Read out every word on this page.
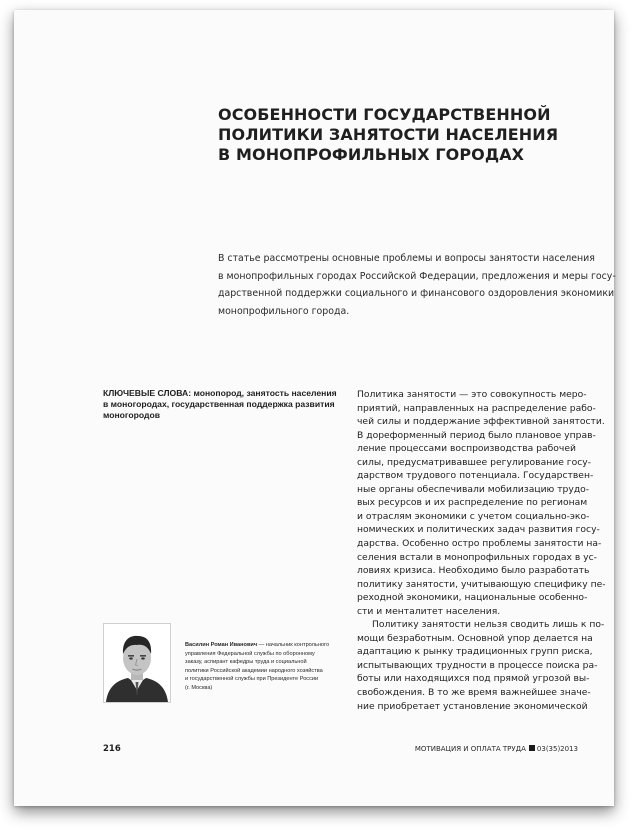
ОСОБЕННОСТИ ГОСУДАРСТВЕННОЙ
ПОЛИТИКИ ЗАНЯТОСТИ НАСЕЛЕНИЯ
В МОНОПРОФИЛЬНЫХ ГОРОДАХ
В статье рассмотрены основные проблемы и вопросы занятости населения
в монопрофильных городах Российской Федерации, предложения и меры госу-
дарственной поддержки социального и финансового оздоровления экономики
монопрофильного города.
КЛЮЧЕВЫЕ СЛОВА: монопород, занятость населения
в моногородах, государственная поддержка развития
моногородов
Политика занятости — это совокупность меро-
приятий, направленных на распределение рабо-
чей силы и поддержание эффективной занятости.
В дореформенный период было плановое управ-
ление процессами воспроизводства рабочей
силы, предусматривавшее регулирование госу-
дарством трудового потенциала. Государствен-
ные органы обеспечивали мобилизацию трудо-
вых ресурсов и их распределение по регионам
и отраслям экономики с учетом социально-эко-
номических и политических задач развития госу-
дарства. Особенно остро проблемы занятости на-
селения встали в монопрофильных городах в ус-
ловиях кризиса. Необходимо было разработать
политику занятости, учитывающую специфику пе-
реходной экономики, национальные особеннo-
сти и менталитет населения.
Политику занятости нельзя сводить лишь к по-
мощи безработным. Основной упор делается на
адаптацию к рынку традиционных групп риска,
испытывающих трудности в процессе поиска ра-
боты или находящихся под прямой угрозой вы-
свобождения. В то же время важнейшее значе-
ние приобретает установление экономической
Василин Роман Иванович — начальник контрольного
управления Федеральной службы по оборонному
заказу, аспирант кафедры труда и социальной
политики Российской академии народного хозяйства
и государственной службы при Президенте России
(г. Москва)
216	МОТИВАЦИЯ И ОПЛАТА ТРУДА 03(35)2013
